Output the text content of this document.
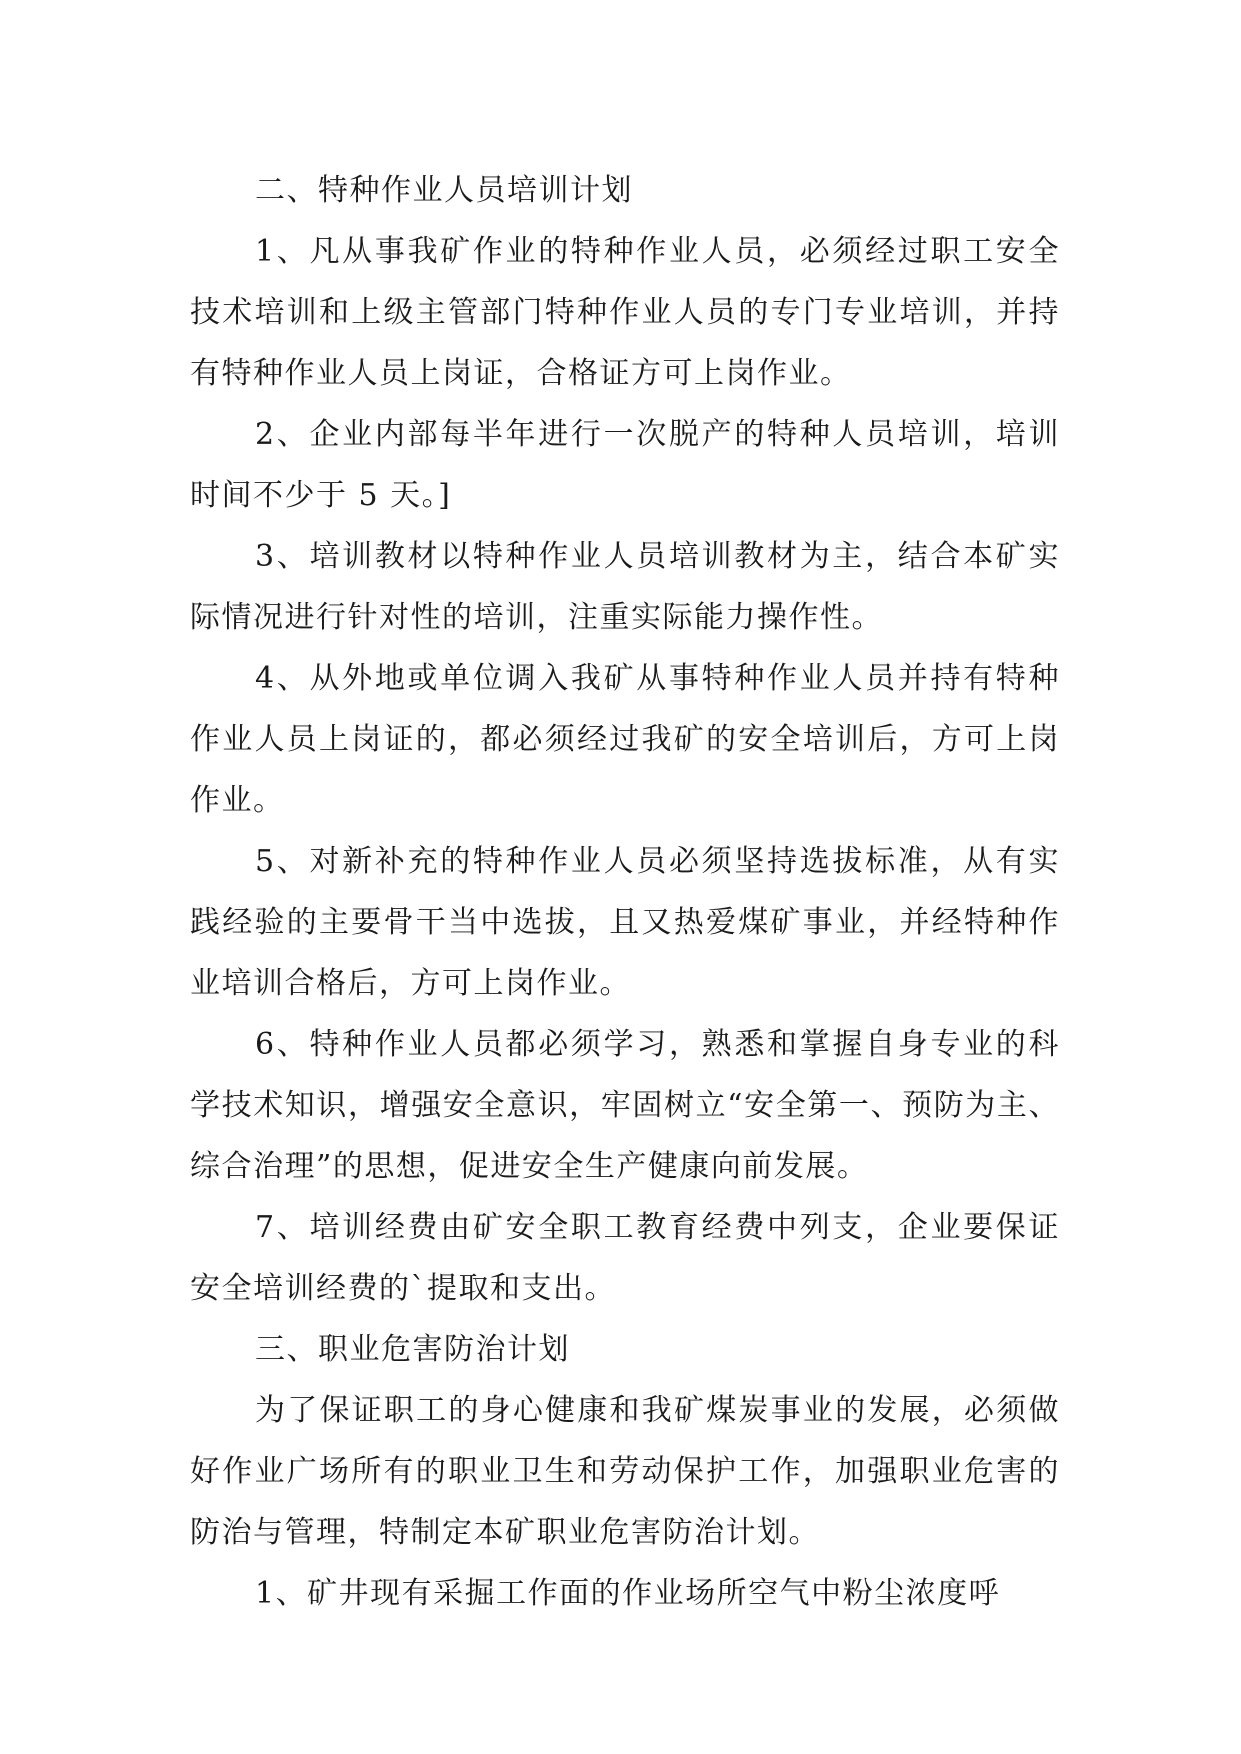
二、特种作业人员培训计划

1、凡从事我矿作业的特种作业人员，必须经过职工安全技术培训和上级主管部门特种作业人员的专门专业培训，并持有特种作业人员上岗证，合格证方可上岗作业。

2、企业内部每半年进行一次脱产的特种人员培训，培训时间不少于 5 天。]

3、培训教材以特种作业人员培训教材为主，结合本矿实际情况进行针对性的培训，注重实际能力操作性。

4、从外地或单位调入我矿从事特种作业人员并持有特种作业人员上岗证的，都必须经过我矿的安全培训后，方可上岗作业。

5、对新补充的特种作业人员必须坚持选拔标准，从有实践经验的主要骨干当中选拔，且又热爱煤矿事业，并经特种作业培训合格后，方可上岗作业。

6、特种作业人员都必须学习，熟悉和掌握自身专业的科学技术知识，增强安全意识，牢固树立“安全第一、预防为主、综合治理”的思想，促进安全生产健康向前发展。

7、培训经费由矿安全职工教育经费中列支，企业要保证安全培训经费的`提取和支出。

三、职业危害防治计划

为了保证职工的身心健康和我矿煤炭事业的发展，必须做好作业广场所有的职业卫生和劳动保护工作，加强职业危害的防治与管理，特制定本矿职业危害防治计划。

1、矿井现有采掘工作面的作业场所空气中粉尘浓度呼
